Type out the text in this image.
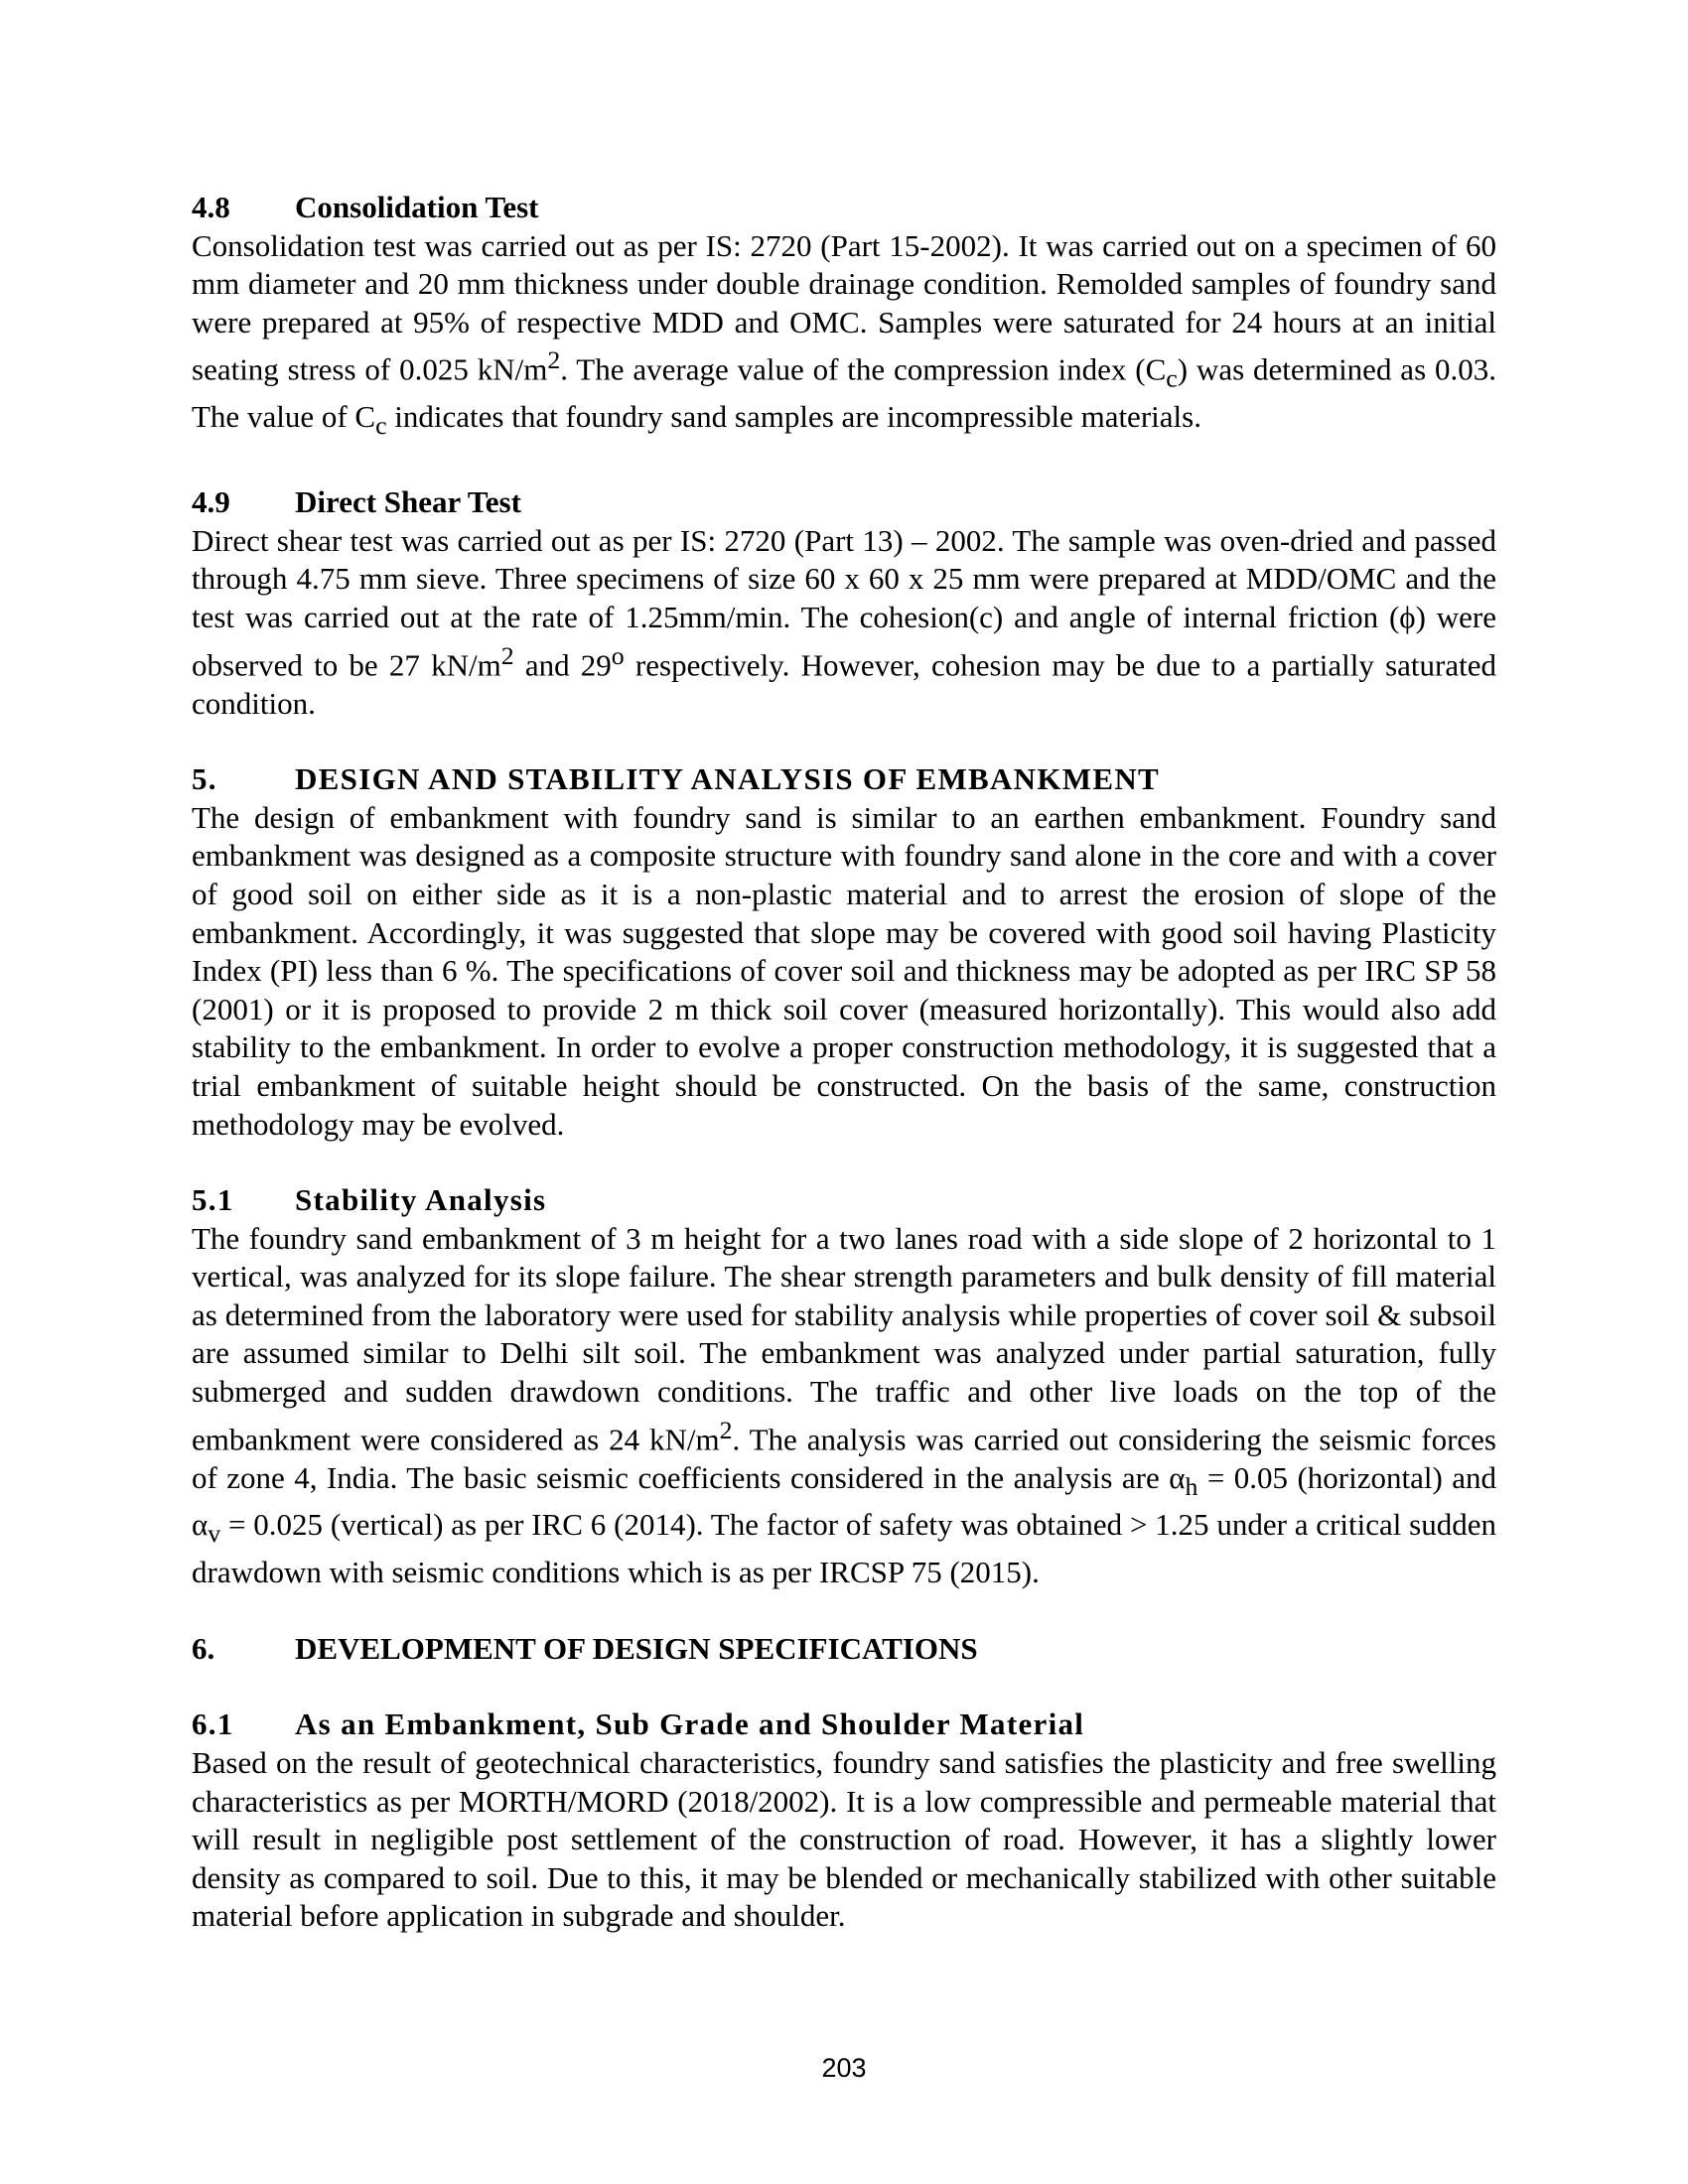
4.8	Consolidation Test

Consolidation test was carried out as per IS: 2720 (Part 15-2002). It was carried out on a specimen of 60 mm diameter and 20 mm thickness under double drainage condition. Remolded samples of foundry sand were prepared at 95% of respective MDD and OMC. Samples were saturated for 24 hours at an initial seating stress of 0.025 $kN/m^2$. The average value of the compression index $(C_c)$ was determined as 0.03. The value of $C_c$ indicates that foundry sand samples are incompressible materials.

4.9	Direct Shear Test

Direct shear test was carried out as per IS: 2720 (Part 13) – 2002. The sample was oven-dried and passed through 4.75 mm sieve. Three specimens of size 60 x 60 x 25 mm were prepared at MDD/OMC and the test was carried out at the rate of 1.25mm/min. The cohesion(c) and angle of internal friction (ϕ) were observed to be 27 $kN/m^2$ and 29$^o$ respectively. However, cohesion may be due to a partially saturated condition.

5.	DESIGN AND STABILITY ANALYSIS OF EMBANKMENT

The design of embankment with foundry sand is similar to an earthen embankment. Foundry sand embankment was designed as a composite structure with foundry sand alone in the core and with a cover of good soil on either side as it is a non-plastic material and to arrest the erosion of slope of the embankment. Accordingly, it was suggested that slope may be covered with good soil having Plasticity Index (PI) less than 6 %. The specifications of cover soil and thickness may be adopted as per IRC SP 58 (2001) or it is proposed to provide 2 m thick soil cover (measured horizontally). This would also add stability to the embankment. In order to evolve a proper construction methodology, it is suggested that a trial embankment of suitable height should be constructed. On the basis of the same, construction methodology may be evolved.

5.1	Stability Analysis

The foundry sand embankment of 3 m height for a two lanes road with a side slope of 2 horizontal to 1 vertical, was analyzed for its slope failure. The shear strength parameters and bulk density of fill material as determined from the laboratory were used for stability analysis while properties of cover soil & subsoil are assumed similar to Delhi silt soil. The embankment was analyzed under partial saturation, fully submerged and sudden drawdown conditions. The traffic and other live loads on the top of the embankment were considered as 24 $kN/m^2$. The analysis was carried out considering the seismic forces of zone 4, India. The basic seismic coefficients considered in the analysis are $\alpha_h = 0.05$ (horizontal) and $\alpha_v = 0.025$ (vertical) as per IRC 6 (2014). The factor of safety was obtained > 1.25 under a critical sudden drawdown with seismic conditions which is as per IRCSP 75 (2015).

6.	DEVELOPMENT OF DESIGN SPECIFICATIONS
6.1	As an Embankment, Sub Grade and Shoulder Material

Based on the result of geotechnical characteristics, foundry sand satisfies the plasticity and free swelling characteristics as per MORTH/MORD (2018/2002). It is a low compressible and permeable material that will result in negligible post settlement of the construction of road. However, it has a slightly lower density as compared to soil. Due to this, it may be blended or mechanically stabilized with other suitable material before application in subgrade and shoulder.

203
